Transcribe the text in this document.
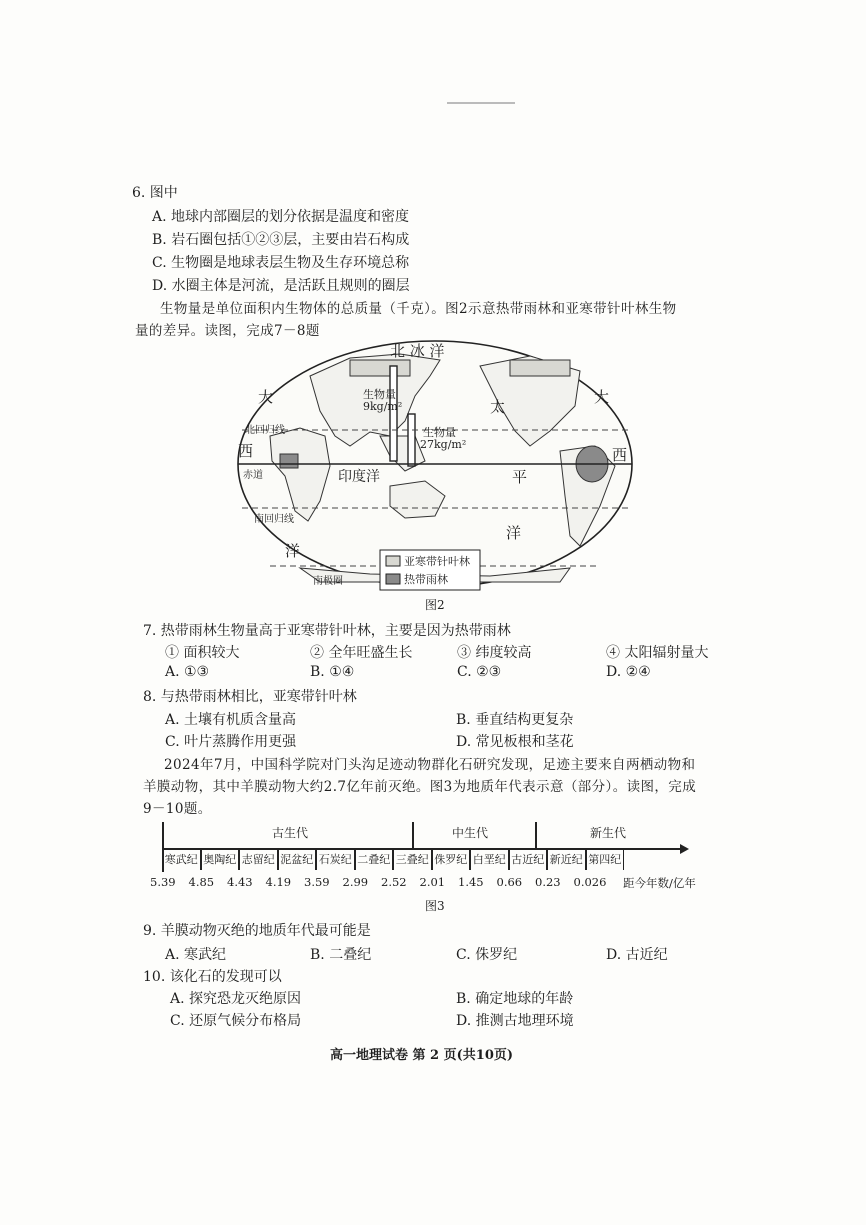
6. 图中
A. 地球内部圈层的划分依据是温度和密度
B. 岩石圈包括①②③层，主要由岩石构成
C. 生物圈是地球表层生物及生存环境总称
D. 水圈主体是河流，是活跃且规则的圈层
生物量是单位面积内生物体的总质量（千克）。图2示意热带雨林和亚寒带针叶林生物
量的差异。读图，完成7－8题
北 冰 洋
大	大
太
生物量
9kg/m²
生物量
27kg/m²
北回归线
西	西
赤道	印度洋	平
南回归线
洋
洋
南极圈
亚寒带针叶林
热带雨林
图2
7. 热带雨林生物量高于亚寒带针叶林，主要是因为热带雨林
① 面积较大	② 全年旺盛生长	③ 纬度较高	④ 太阳辐射量大
A. ①③	B. ①④	C. ②③	D. ②④
8. 与热带雨林相比，亚寒带针叶林
A. 土壤有机质含量高	B. 垂直结构更复杂
C. 叶片蒸腾作用更强	D. 常见板根和茎花
2024年7月，中国科学院对门头沟足迹动物群化石研究发现，足迹主要来自两栖动物和
羊膜动物，其中羊膜动物大约2.7亿年前灭绝。图3为地质年代表示意（部分）。读图，完成
9－10题。
古生代	中生代	新生代
寒武纪 奥陶纪 志留纪 泥盆纪 石炭纪 二叠纪 三叠纪 侏罗纪 白垩纪 古近纪 新近纪 第四纪
5.39 4.85 4.43 4.19 3.59 2.99 2.52 2.01 1.45 0.66 0.23 0.026 距今年数/亿年
图3
9. 羊膜动物灭绝的地质年代最可能是
A. 寒武纪	B. 二叠纪	C. 侏罗纪	D. 古近纪
10. 该化石的发现可以
A. 探究恐龙灭绝原因	B. 确定地球的年龄
C. 还原气候分布格局	D. 推测古地理环境
高一地理试卷 第 2 页(共10页)
